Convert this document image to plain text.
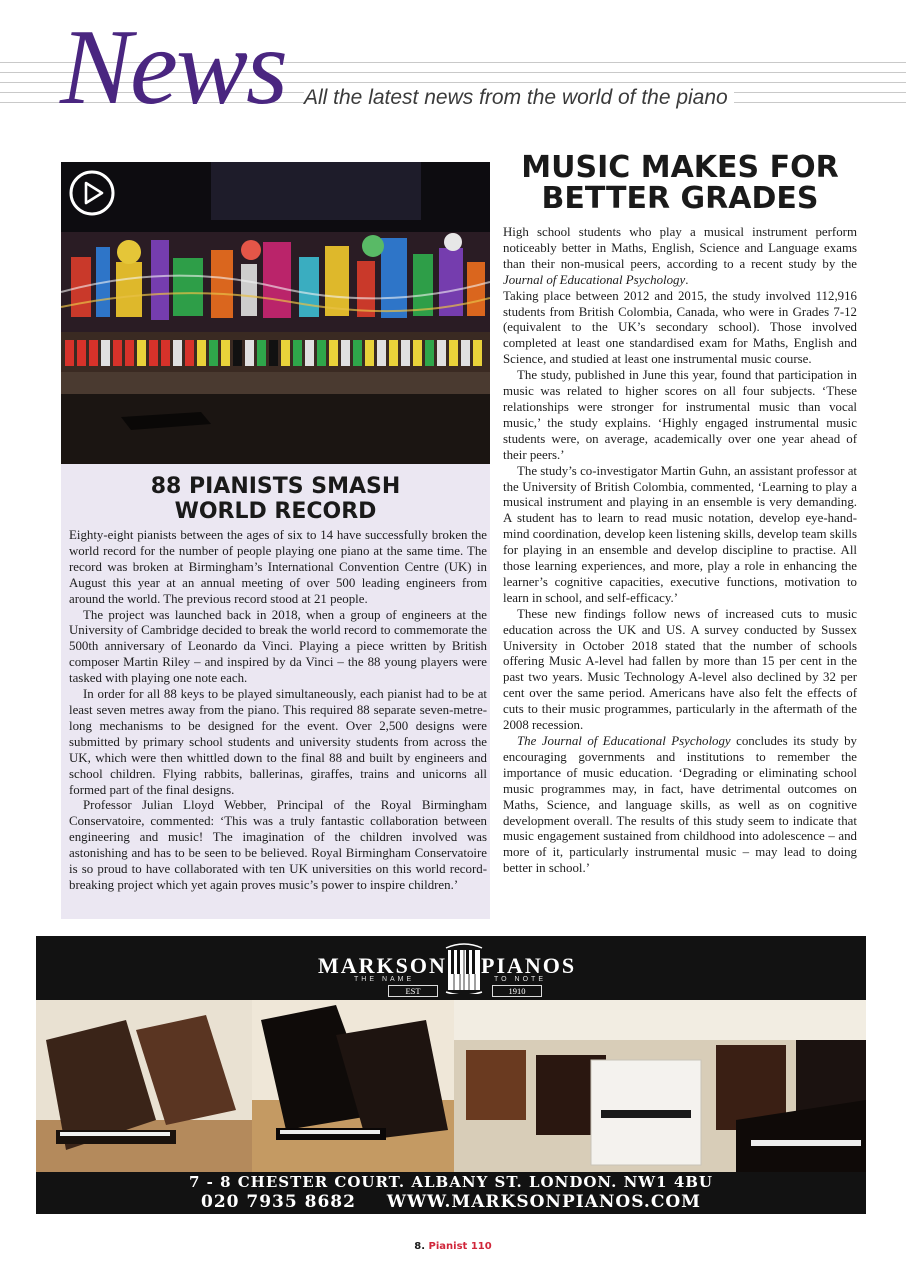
News All the latest news from the world of the piano
88 PIANISTS SMASH
WORLD RECORD

Eighty-eight pianists between the ages of six to 14 have successfully broken the world record for the number of people playing one piano at the same time. The record was broken at Birmingham’s International Convention Centre (UK) in August this year at an annual meeting of over 500 leading engineers from around the world. The previous record stood at 21 people.

The project was launched back in 2018, when a group of engineers at the University of Cambridge decided to break the world record to commemorate the 500th anniversary of Leonardo da Vinci. Playing a piece written by British composer Martin Riley – and inspired by da Vinci – the 88 young players were tasked with playing one note each.

In order for all 88 keys to be played simultaneously, each pianist had to be at least seven metres away from the piano. This required 88 separate seven-metre-long mechanisms to be designed for the event. Over 2,500 designs were submitted by primary school students and university students from across the UK, which were then whittled down to the final 88 and built by engineers and school children. Flying rabbits, ballerinas, giraffes, trains and unicorns all formed part of the final designs.

Professor Julian Lloyd Webber, Principal of the Royal Birmingham Conservatoire, commented: ‘This was a truly fantastic collaboration between engineering and music! The imagination of the children involved was astonishing and has to be seen to be believed. Royal Birmingham Conservatoire is so proud to have collaborated with ten UK universities on this world record-breaking project which yet again proves music’s power to inspire children.’

MUSIC MAKES FOR
BETTER GRADES

High school students who play a musical instrument perform noticeably better in Maths, English, Science and Language exams than their non-musical peers, according to a recent study by the Journal of Educational Psychology.

Taking place between 2012 and 2015, the study involved 112,916 students from British Colombia, Canada, who were in Grades 7-12 (equivalent to the UK’s secondary school). Those involved completed at least one standardised exam for Maths, English and Science, and studied at least one instrumental music course.

The study, published in June this year, found that participation in music was related to higher scores on all four subjects. ‘These relationships were stronger for instrumental music than vocal music,’ the study explains. ‘Highly engaged instrumental music students were, on average, academically over one year ahead of their peers.’

The study’s co-investigator Martin Guhn, an assistant professor at the University of British Colombia, commented, ‘Learning to play a musical instrument and playing in an ensemble is very demanding. A student has to learn to read music notation, develop eye-hand-mind coordination, develop keen listening skills, develop team skills for playing in an ensemble and develop discipline to practise. All those learning experiences, and more, play a role in enhancing the learner’s cognitive capacities, executive functions, motivation to learn in school, and self-efficacy.’

These new findings follow news of increased cuts to music education across the UK and US. A survey conducted by Sussex University in October 2018 stated that the number of schools offering Music A-level had fallen by more than 15 per cent in the past two years. Music Technology A-level also declined by 32 per cent over the same period. Americans have also felt the effects of cuts to their music programmes, particularly in the aftermath of the 2008 recession.

The Journal of Educational Psychology concludes its study by encouraging governments and institutions to remember the importance of music education. ‘Degrading or eliminating school music programmes may, in fact, have detrimental outcomes on Maths, Science, and language skills, as well as on cognitive development overall. The results of this study seem to indicate that music engagement sustained from childhood into adolescence – and more of it, particularly instrumental music – may lead to doing better in school.’

MARKSON PIANOS
THE NAME	TO NOTE
EST	1910
7 - 8 CHESTER COURT. ALBANY ST. LONDON. NW1 4BU
020 7935 8682 WWW.MARKSONPIANOS.COM
8. Pianist 110
